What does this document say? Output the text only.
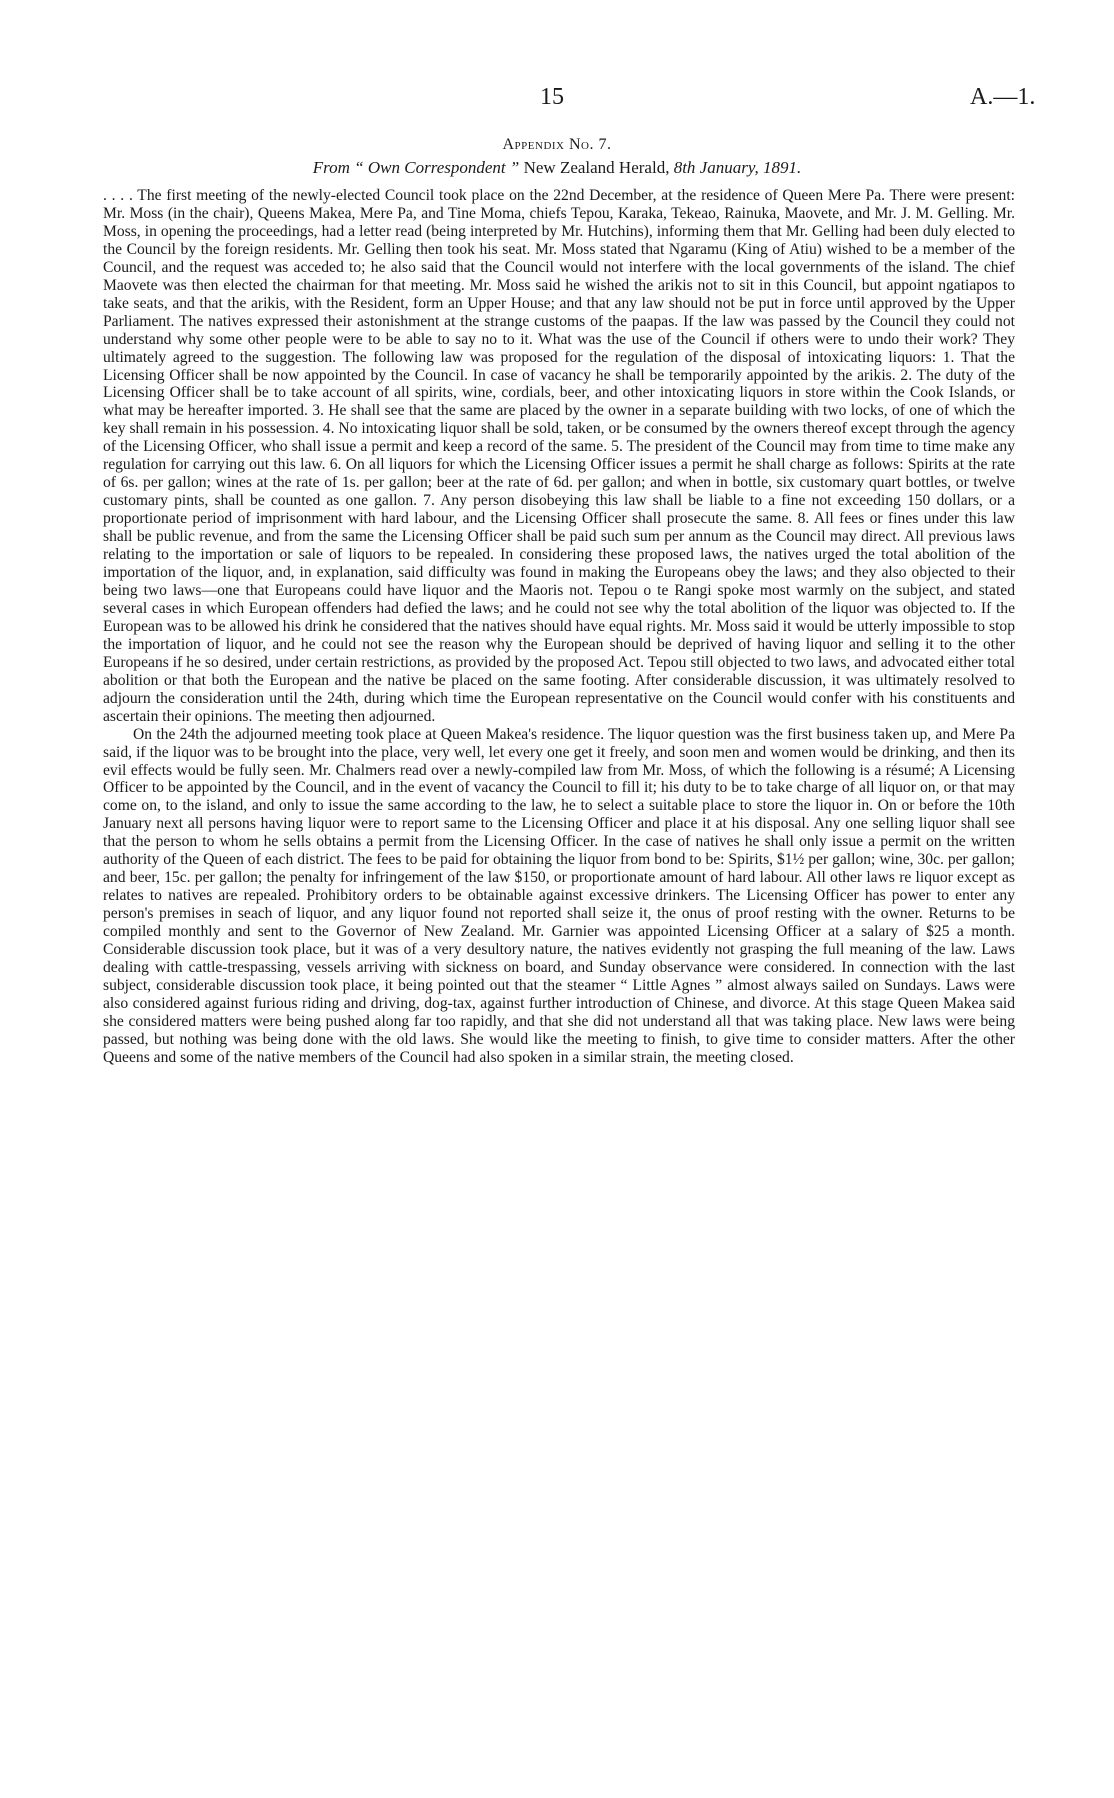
15	A.—1.
Appendix No. 7.
From “ Own Correspondent ” New Zealand Herald, 8th January, 1891.

. . . . The first meeting of the newly-elected Council took place on the 22nd December, at the residence of Queen Mere Pa. There were present: Mr. Moss (in the chair), Queens Makea, Mere Pa, and Tine Moma, chiefs Tepou, Karaka, Tekeao, Rainuka, Maovete, and Mr. J. M. Gelling. Mr. Moss, in opening the proceedings, had a letter read (being interpreted by Mr. Hutchins), informing them that Mr. Gelling had been duly elected to the Council by the foreign residents. Mr. Gelling then took his seat. Mr. Moss stated that Ngaramu (King of Atiu) wished to be a member of the Council, and the request was acceded to; he also said that the Council would not interfere with the local governments of the island. The chief Maovete was then elected the chairman for that meeting. Mr. Moss said he wished the arikis not to sit in this Council, but appoint ngatiapos to take seats, and that the arikis, with the Resident, form an Upper House; and that any law should not be put in force until approved by the Upper Parliament. The natives expressed their astonishment at the strange customs of the paapas. If the law was passed by the Council they could not understand why some other people were to be able to say no to it. What was the use of the Council if others were to undo their work? They ultimately agreed to the suggestion. The following law was proposed for the regulation of the disposal of intoxicating liquors: 1. That the Licensing Officer shall be now appointed by the Council. In case of vacancy he shall be temporarily appointed by the arikis. 2. The duty of the Licensing Officer shall be to take account of all spirits, wine, cordials, beer, and other intoxicating liquors in store within the Cook Islands, or what may be hereafter imported. 3. He shall see that the same are placed by the owner in a separate building with two locks, of one of which the key shall remain in his possession. 4. No intoxicating liquor shall be sold, taken, or be consumed by the owners thereof except through the agency of the Licensing Officer, who shall issue a permit and keep a record of the same. 5. The president of the Council may from time to time make any regulation for carrying out this law. 6. On all liquors for which the Licensing Officer issues a permit he shall charge as follows: Spirits at the rate of 6s. per gallon; wines at the rate of 1s. per gallon; beer at the rate of 6d. per gallon; and when in bottle, six customary quart bottles, or twelve customary pints, shall be counted as one gallon. 7. Any person disobeying this law shall be liable to a fine not exceeding 150 dollars, or a proportionate period of imprisonment with hard labour, and the Licensing Officer shall prosecute the same. 8. All fees or fines under this law shall be public revenue, and from the same the Licensing Officer shall be paid such sum per annum as the Council may direct. All previous laws relating to the importation or sale of liquors to be repealed. In considering these proposed laws, the natives urged the total abolition of the importation of the liquor, and, in explanation, said difficulty was found in making the Europeans obey the laws; and they also objected to their being two laws—one that Europeans could have liquor and the Maoris not. Tepou o te Rangi spoke most warmly on the subject, and stated several cases in which European offenders had defied the laws; and he could not see why the total abolition of the liquor was objected to. If the European was to be allowed his drink he considered that the natives should have equal rights. Mr. Moss said it would be utterly impossible to stop the importation of liquor, and he could not see the reason why the European should be deprived of having liquor and selling it to the other Europeans if he so desired, under certain restrictions, as provided by the proposed Act. Tepou still objected to two laws, and advocated either total abolition or that both the European and the native be placed on the same footing. After considerable discussion, it was ultimately resolved to adjourn the consideration until the 24th, during which time the European representative on the Council would confer with his constituents and ascertain their opinions. The meeting then adjourned.

On the 24th the adjourned meeting took place at Queen Makea's residence. The liquor question was the first business taken up, and Mere Pa said, if the liquor was to be brought into the place, very well, let every one get it freely, and soon men and women would be drinking, and then its evil effects would be fully seen. Mr. Chalmers read over a newly-compiled law from Mr. Moss, of which the following is a résumé; A Licensing Officer to be appointed by the Council, and in the event of vacancy the Council to fill it; his duty to be to take charge of all liquor on, or that may come on, to the island, and only to issue the same according to the law, he to select a suitable place to store the liquor in. On or before the 10th January next all persons having liquor were to report same to the Licensing Officer and place it at his disposal. Any one selling liquor shall see that the person to whom he sells obtains a permit from the Licensing Officer. In the case of natives he shall only issue a permit on the written authority of the Queen of each district. The fees to be paid for obtaining the liquor from bond to be: Spirits, $1½ per gallon; wine, 30c. per gallon; and beer, 15c. per gallon; the penalty for infringement of the law $150, or proportionate amount of hard labour. All other laws re liquor except as relates to natives are repealed. Prohibitory orders to be obtainable against excessive drinkers. The Licensing Officer has power to enter any person's premises in seach of liquor, and any liquor found not reported shall seize it, the onus of proof resting with the owner. Returns to be compiled monthly and sent to the Governor of New Zealand. Mr. Garnier was appointed Licensing Officer at a salary of $25 a month. Considerable discussion took place, but it was of a very desultory nature, the natives evidently not grasping the full meaning of the law. Laws dealing with cattle-trespassing, vessels arriving with sickness on board, and Sunday observance were considered. In connection with the last subject, considerable discussion took place, it being pointed out that the steamer “ Little Agnes ” almost always sailed on Sundays. Laws were also considered against furious riding and driving, dog-tax, against further introduction of Chinese, and divorce. At this stage Queen Makea said she considered matters were being pushed along far too rapidly, and that she did not understand all that was taking place. New laws were being passed, but nothing was being done with the old laws. She would like the meeting to finish, to give time to consider matters. After the other Queens and some of the native members of the Council had also spoken in a similar strain, the meeting closed.
